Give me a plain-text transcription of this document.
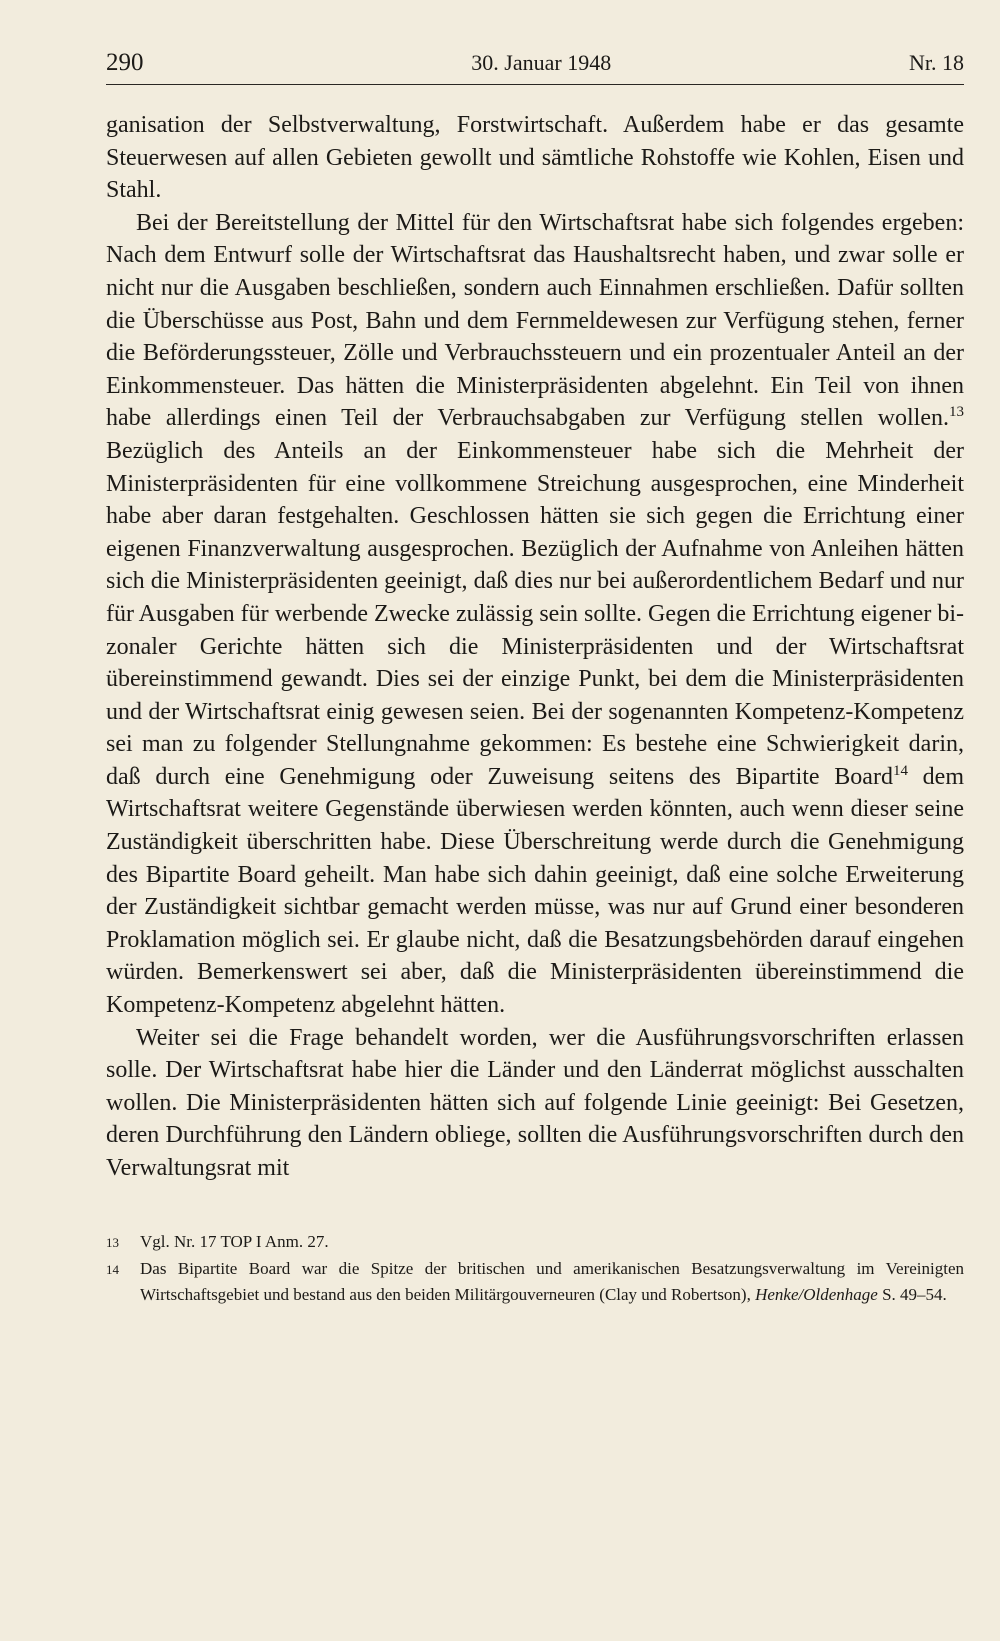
290	30. Januar 1948	Nr. 18

ganisation der Selbstverwaltung, Forstwirtschaft. Außerdem habe er das gesamte Steuerwesen auf allen Gebieten gewollt und sämtliche Rohstoffe wie Kohlen, Eisen und Stahl.

Bei der Bereitstellung der Mittel für den Wirtschaftsrat habe sich folgendes ergeben: Nach dem Entwurf solle der Wirtschaftsrat das Haushaltsrecht haben, und zwar solle er nicht nur die Ausgaben beschließen, sondern auch Einnahmen erschließen. Dafür sollten die Überschüsse aus Post, Bahn und dem Fernmeldewesen zur Verfügung stehen, ferner die Beförderungssteuer, Zölle und Verbrauchssteuern und ein prozentualer Anteil an der Einkommensteuer. Das hätten die Ministerpräsidenten abgelehnt. Ein Teil von ihnen habe allerdings einen Teil der Verbrauchsabgaben zur Verfügung stellen wollen.$^{13}$ Bezüglich des Anteils an der Einkommensteuer habe sich die Mehrheit der Ministerpräsidenten für eine vollkommene Streichung ausgesprochen, eine Minderheit habe aber daran festgehalten. Geschlossen hätten sie sich gegen die Errichtung einer eigenen Finanzverwaltung ausgesprochen. Bezüglich der Aufnahme von Anleihen hätten sich die Ministerpräsidenten geeinigt, daß dies nur bei außerordentlichem Bedarf und nur für Ausgaben für werbende Zwecke zulässig sein sollte. Gegen die Errichtung eigener bizonaler Gerichte hätten sich die Ministerpräsidenten und der Wirtschaftsrat übereinstimmend gewandt. Dies sei der einzige Punkt, bei dem die Ministerpräsidenten und der Wirtschaftsrat einig gewesen seien. Bei der sogenannten Kompetenz-Kompetenz sei man zu folgender Stellungnahme gekommen: Es bestehe eine Schwierigkeit darin, daß durch eine Genehmigung oder Zuweisung seitens des Bipartite Board$^{14}$ dem Wirtschaftsrat weitere Gegenstände überwiesen werden könnten, auch wenn dieser seine Zuständigkeit überschritten habe. Diese Überschreitung werde durch die Genehmigung des Bipartite Board geheilt. Man habe sich dahin geeinigt, daß eine solche Erweiterung der Zuständigkeit sichtbar gemacht werden müsse, was nur auf Grund einer besonderen Proklamation möglich sei. Er glaube nicht, daß die Besatzungsbehörden darauf eingehen würden. Bemerkenswert sei aber, daß die Ministerpräsidenten übereinstimmend die Kompetenz-Kompetenz abgelehnt hätten.

Weiter sei die Frage behandelt worden, wer die Ausführungsvorschriften erlassen solle. Der Wirtschaftsrat habe hier die Länder und den Länderrat möglichst ausschalten wollen. Die Ministerpräsidenten hätten sich auf folgende Linie geeinigt: Bei Gesetzen, deren Durchführung den Ländern obliege, sollten die Ausführungsvorschriften durch den Verwaltungsrat mit

13	Vgl. Nr. 17 TOP I Anm. 27.
14	Das Bipartite Board war die Spitze der britischen und amerikanischen Besatzungsverwaltung im Vereinigten Wirtschaftsgebiet und bestand aus den beiden Militärgouverneuren (Clay und Robertson), Henke/Oldenhage S. 49–54.
